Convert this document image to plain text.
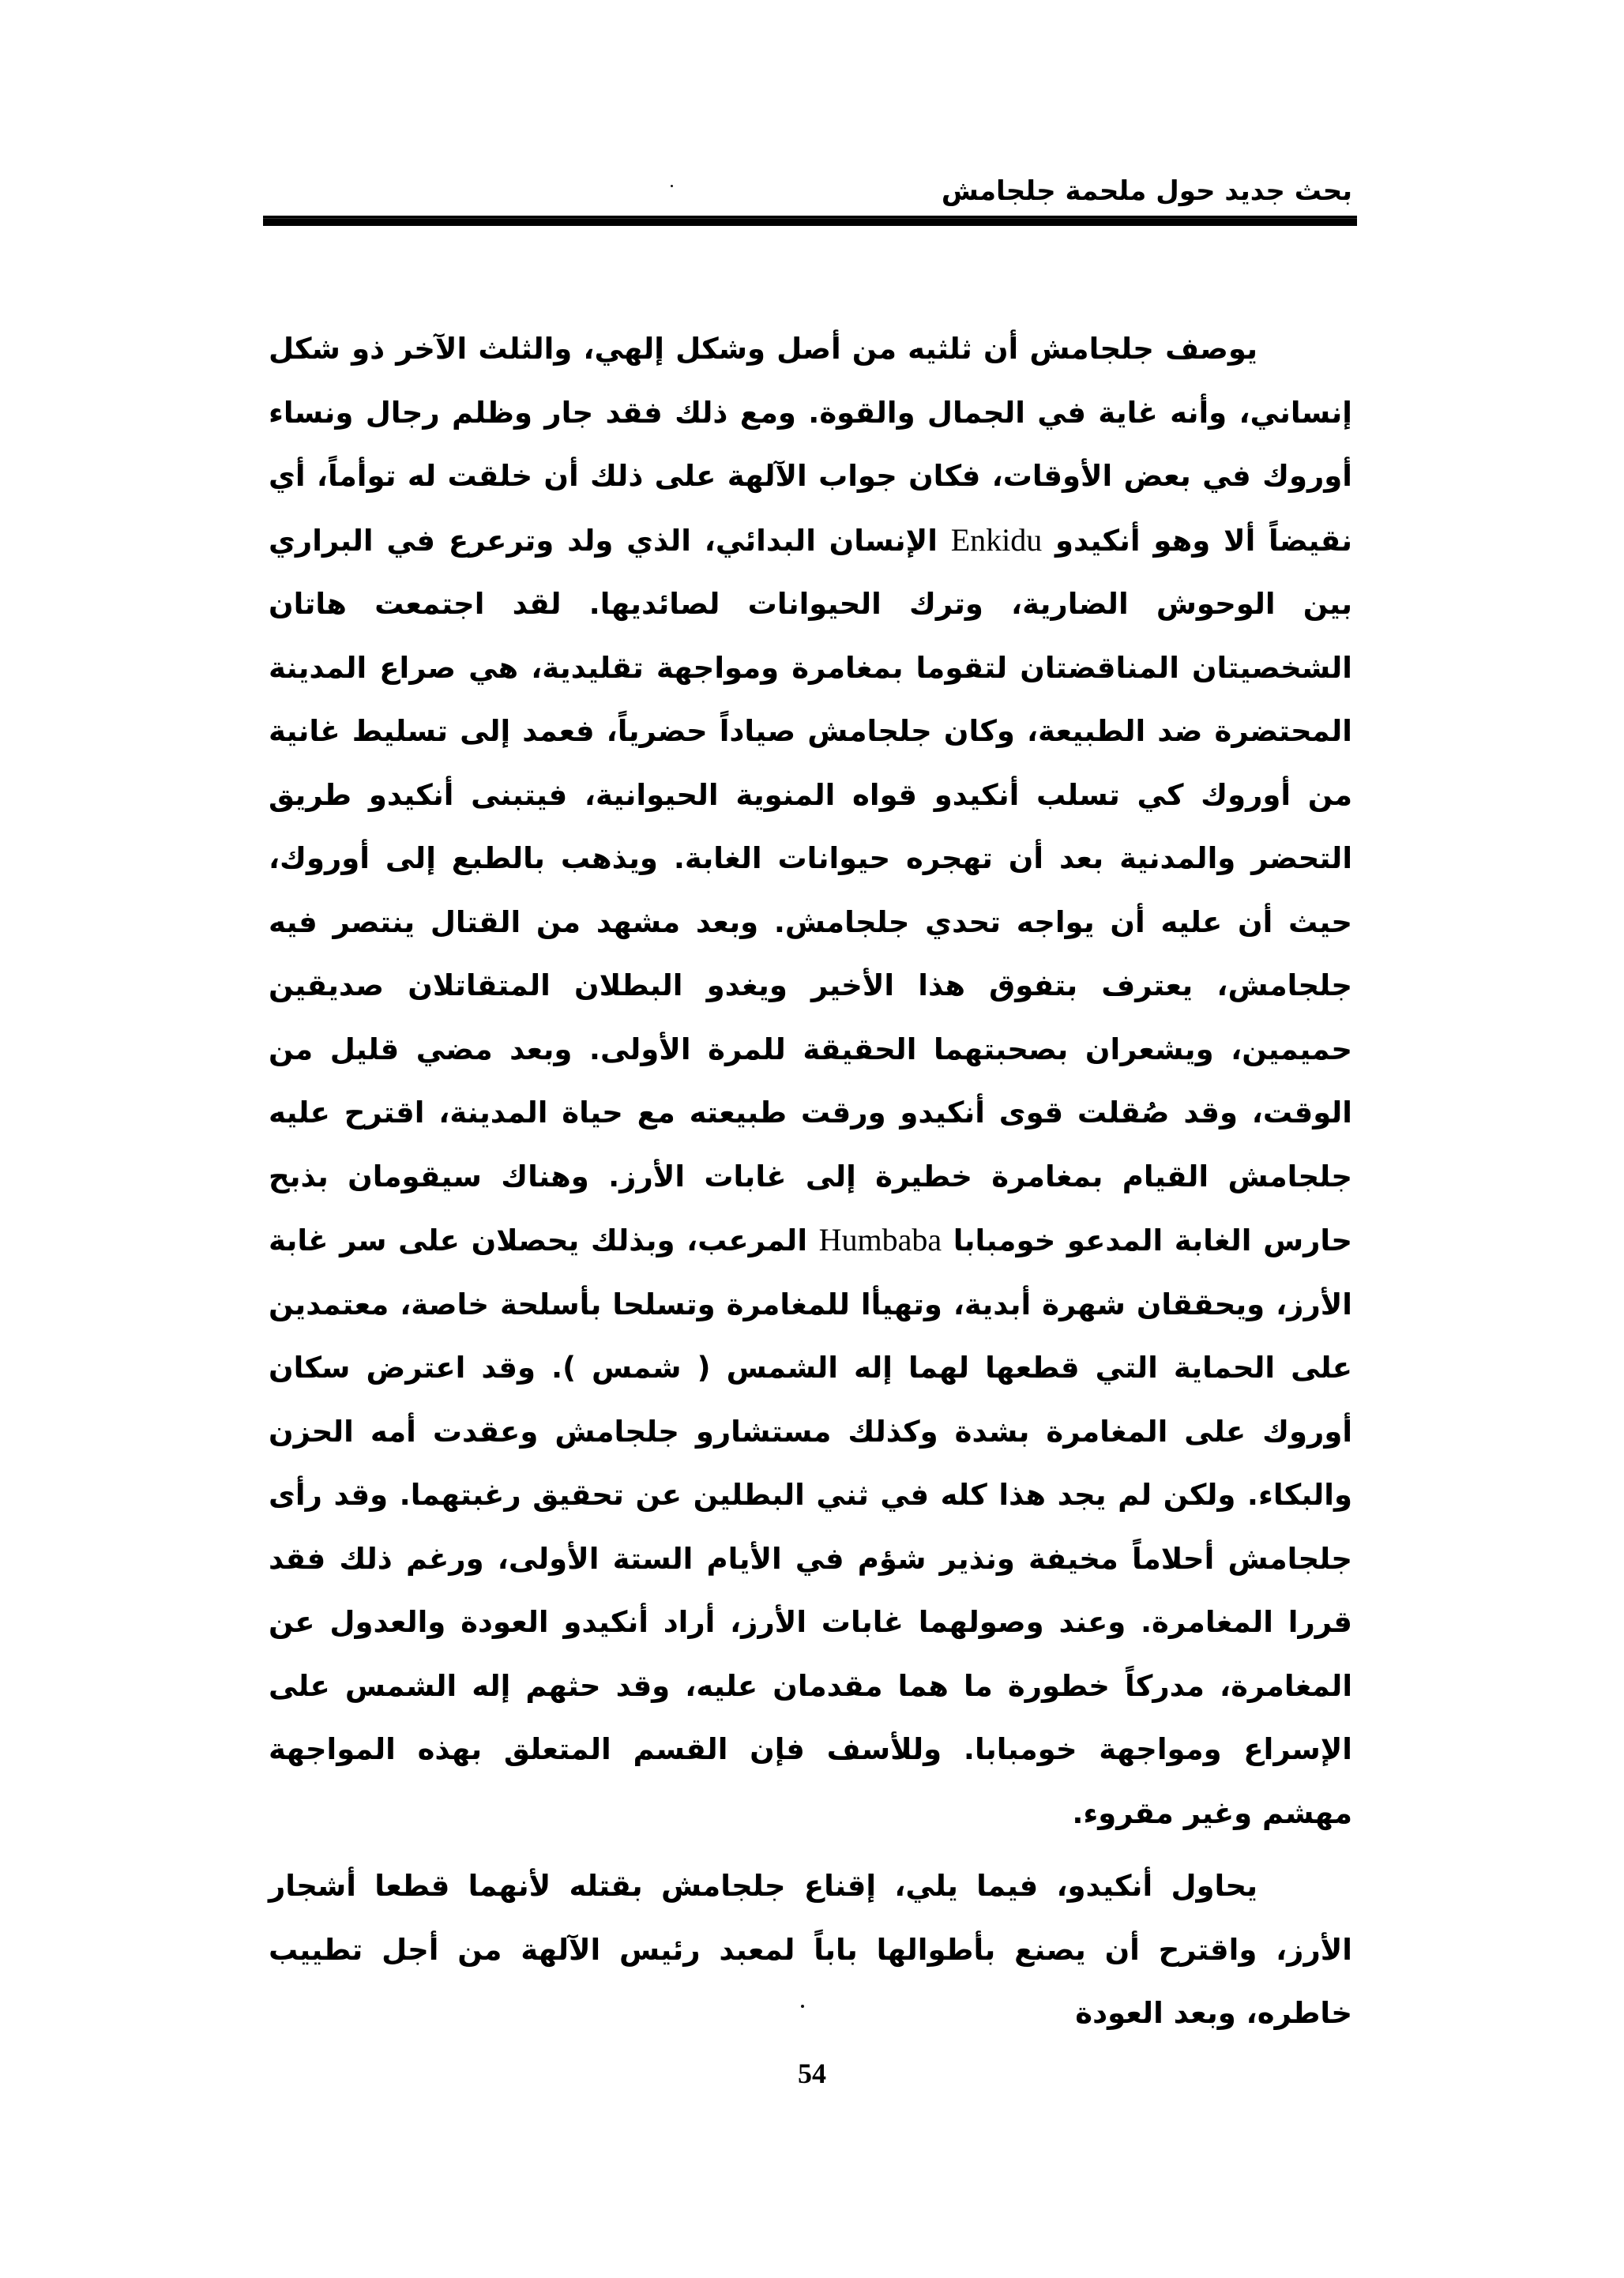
بحث جديد حول ملحمة جلجامش

يوصف جلجامش أن ثلثيه من أصل وشكل إلهي، والثلث الآخر ذو شكل إنساني، وأنه غاية في الجمال والقوة. ومع ذلك فقد جار وظلم رجال ونساء أوروك في بعض الأوقات، فكان جواب الآلهة على ذلك أن خلقت له توأماً، أي نقيضاً ألا وهو أنكيدو Enkidu الإنسان البدائي، الذي ولد وترعرع في البراري بين الوحوش الضارية، وترك الحيوانات لصائديها. لقد اجتمعت هاتان الشخصيتان المناقضتان لتقوما بمغامرة ومواجهة تقليدية، هي صراع المدينة المحتضرة ضد الطبيعة، وكان جلجامش صياداً حضرياً، فعمد إلى تسليط غانية من أوروك كي تسلب أنكيدو قواه المنوية الحيوانية، فيتبنى أنكيدو طريق التحضر والمدنية بعد أن تهجره حيوانات الغابة. ويذهب بالطبع إلى أوروك، حيث أن عليه أن يواجه تحدي جلجامش. وبعد مشهد من القتال ينتصر فيه جلجامش، يعترف بتفوق هذا الأخير ويغدو البطلان المتقاتلان صديقين حميمين، ويشعران بصحبتهما الحقيقة للمرة الأولى. وبعد مضي قليل من الوقت، وقد صُقلت قوى أنكيدو ورقت طبيعته مع حياة المدينة، اقترح عليه جلجامش القيام بمغامرة خطيرة إلى غابات الأرز. وهناك سيقومان بذبح حارس الغابة المدعو خومبابا Humbaba المرعب، وبذلك يحصلان على سر غابة الأرز، ويحققان شهرة أبدية، وتهيأا للمغامرة وتسلحا بأسلحة خاصة، معتمدين على الحماية التي قطعها لهما إله الشمس ( شمس ). وقد اعترض سكان أوروك على المغامرة بشدة وكذلك مستشارو جلجامش وعقدت أمه الحزن والبكاء. ولكن لم يجد هذا كله في ثني البطلين عن تحقيق رغبتهما. وقد رأى جلجامش أحلاماً مخيفة ونذير شؤم في الأيام الستة الأولى، ورغم ذلك فقد قررا المغامرة. وعند وصولهما غابات الأرز، أراد أنكيدو العودة والعدول عن المغامرة، مدركاً خطورة ما هما مقدمان عليه، وقد حثهم إله الشمس على الإسراع ومواجهة خومبابا. وللأسف فإن القسم المتعلق بهذه المواجهة مهشم وغير مقروء.

يحاول أنكيدو، فيما يلي، إقناع جلجامش بقتله لأنهما قطعا أشجار الأرز، واقترح أن يصنع بأطوالها باباً لمعبد رئيس الآلهة من أجل تطييب خاطره، وبعد العودة

54
